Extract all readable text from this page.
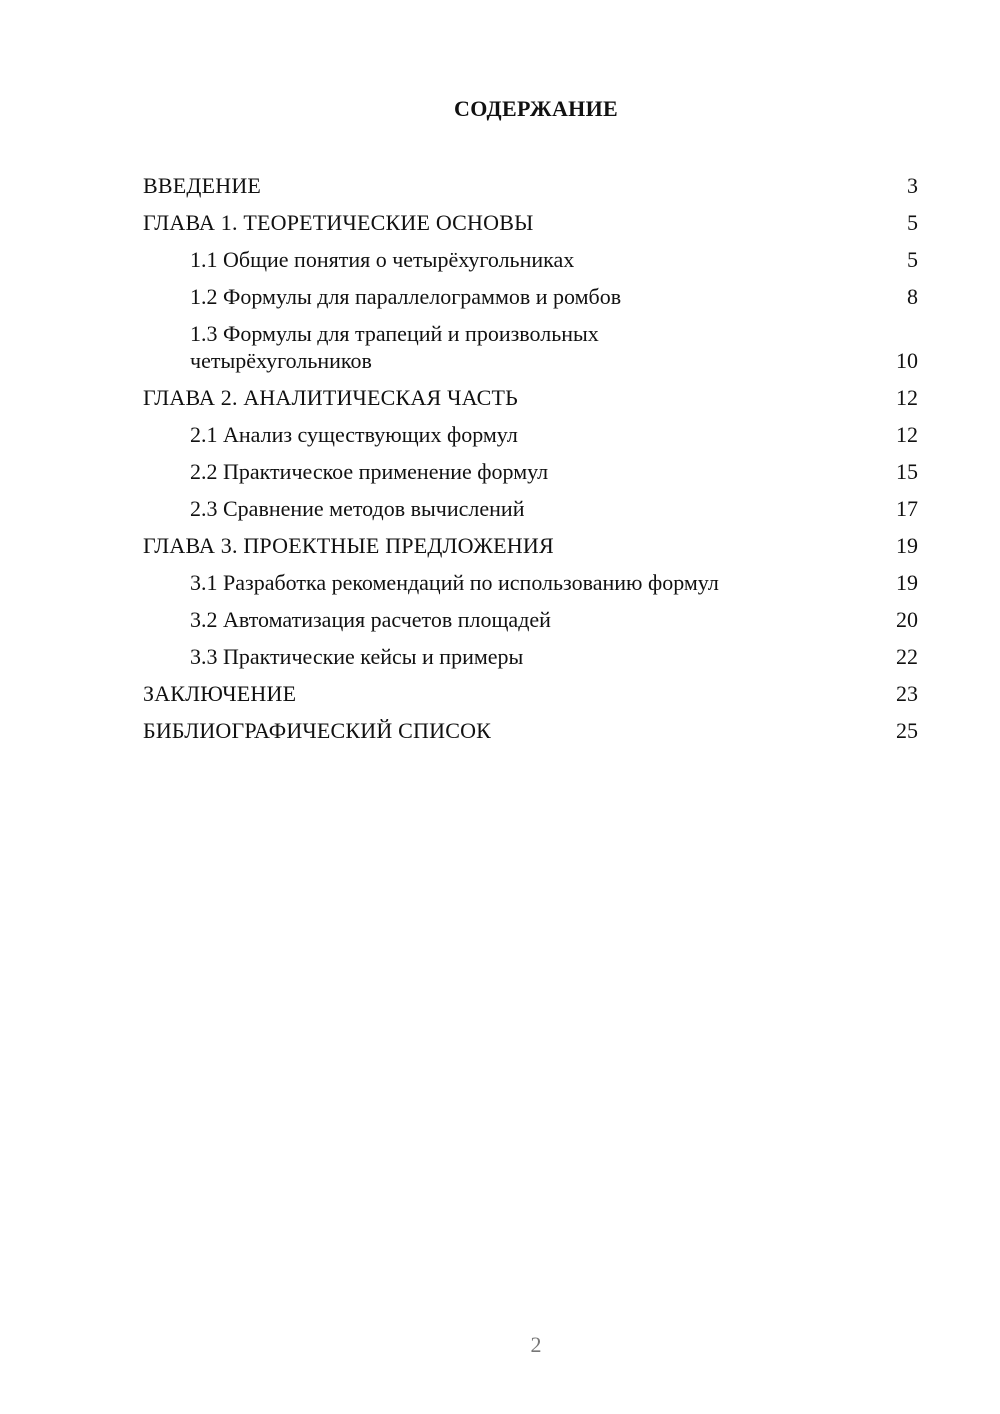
СОДЕРЖАНИЕ
ВВЕДЕНИЕ	3
ГЛАВА 1. ТЕОРЕТИЧЕСКИЕ ОСНОВЫ	5
1.1 Общие понятия о четырёхугольниках	5
1.2 Формулы для параллелограммов и ромбов	8
1.3 Формулы для трапеций и произвольных четырёхугольников	10
ГЛАВА 2. АНАЛИТИЧЕСКАЯ ЧАСТЬ	12
2.1 Анализ существующих формул	12
2.2 Практическое применение формул	15
2.3 Сравнение методов вычислений	17
ГЛАВА 3. ПРОЕКТНЫЕ ПРЕДЛОЖЕНИЯ	19
3.1 Разработка рекомендаций по использованию формул	19
3.2 Автоматизация расчетов площадей	20
3.3 Практические кейсы и примеры	22
ЗАКЛЮЧЕНИЕ	23
БИБЛИОГРАФИЧЕСКИЙ СПИСОК	25
2
